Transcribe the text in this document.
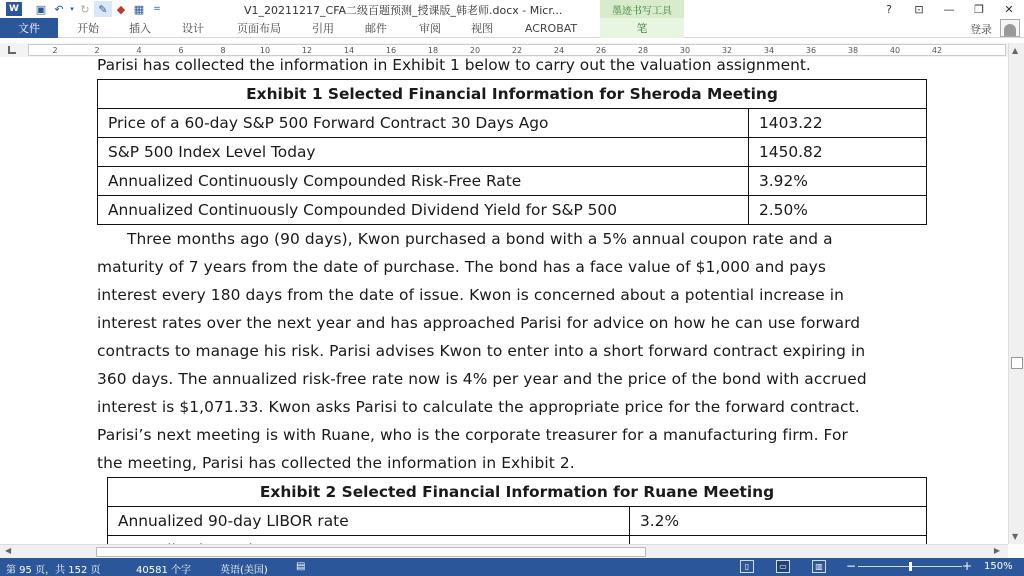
W	▣ ↶ ▾ ↻ ✎ ◆ ▦	=	V1_20211217_CFA二级百题预测_授课版_韩老师.docx - Micr...	墨迹书写工具	?	⊡	—	❐	✕
文件	开始	插入	设计	页面布局	引用	邮件	审阅	视图	ACROBAT	笔	登录
2	2	4	6	8	10	12	14	16	18	20	22	24	26	28	30	32	34	36	38	40	42
Parisi has collected the information in Exhibit 1 below to carry out the valuation assignment.
Exhibit 1 Selected Financial Information for Sheroda Meeting	
Price of a 60-day S&P 500 Forward Contract 30 Days Ago	1403.22
S&P 500 Index Level Today	1450.82
Annualized Continuously Compounded Risk-Free Rate	3.92%
Annualized Continuously Compounded Dividend Yield for S&P 500	2.50%
Three months ago (90 days), Kwon purchased a bond with a 5% annual coupon rate and a
maturity of 7 years from the date of purchase. The bond has a face value of $1,000 and pays
interest every 180 days from the date of issue. Kwon is concerned about a potential increase in
interest rates over the next year and has approached Parisi for advice on how he can use forward
contracts to manage his risk. Parisi advises Kwon to enter into a short forward contract expiring in
360 days. The annualized risk-free rate now is 4% per year and the price of the bond with accrued
interest is $1,071.33. Kwon asks Parisi to calculate the appropriate price for the forward contract.
Parisi’s next meeting is with Ruane, who is the corporate treasurer for a manufacturing firm. For
the meeting, Parisi has collected the information in Exhibit 2.
Exhibit 2 Selected Financial Information for Ruane Meeting	
Annualized 90-day LIBOR rate	3.2%

▲
▼
◀	▶
第 95 页，共 152 页	40581 个字	英语(美国)	▤	▯	▭	▥ −	+ 150%
